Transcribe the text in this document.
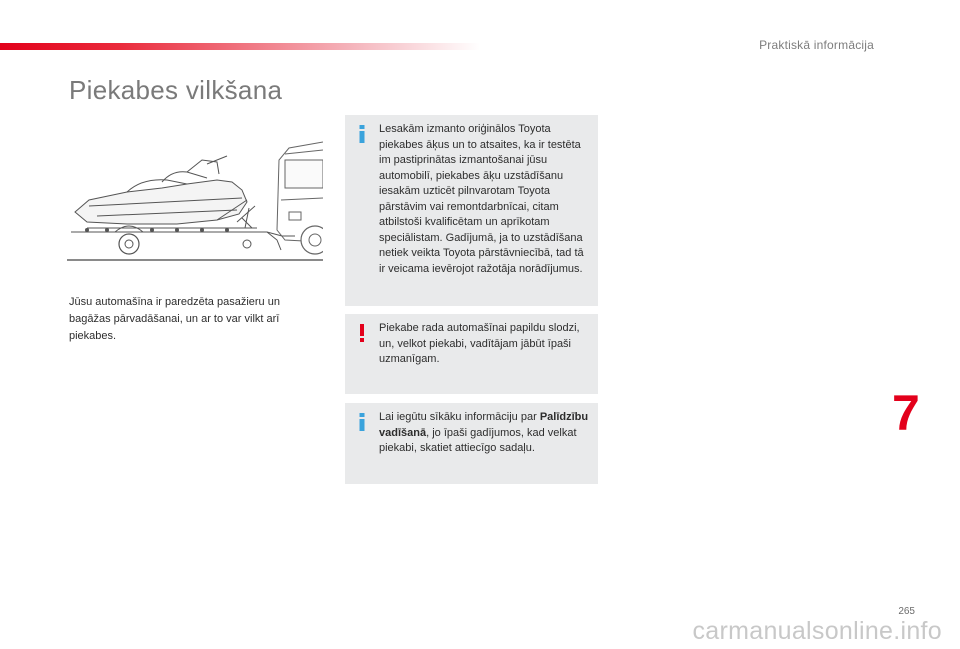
Praktiskā informācija
Piekabes vilkšana

Jūsu automašīna ir paredzēta pasažieru un bagāžas pārvadāšanai, un ar to var vilkt arī piekabes.

Lesakām izmanto oriģinālos Toyota piekabes āķus un to atsaites, ka ir testēta im pastiprinātas izmantošanai jūsu automobilī, piekabes āķu uzstādīšanu iesakām uzticēt pilnvarotam Toyota pārstāvim vai remontdarbnīcai, citam atbilstoši kvalificētam un aprīkotam speciālistam. Gadījumā, ja to uzstādīšana netiek veikta Toyota pārstāvniecībā, tad tā ir veicama ievērojot ražotāja norādījumus.

Piekabe rada automašīnai papildu slodzi, un, velkot piekabi, vadītājam jābūt īpaši uzmanīgam.

Lai iegūtu sīkāku informāciju par Palīdzību vadīšanā, jo īpaši gadījumos, kad velkat piekabi, skatiet attiecīgo sadaļu.

7
265
carmanualsonline.info
